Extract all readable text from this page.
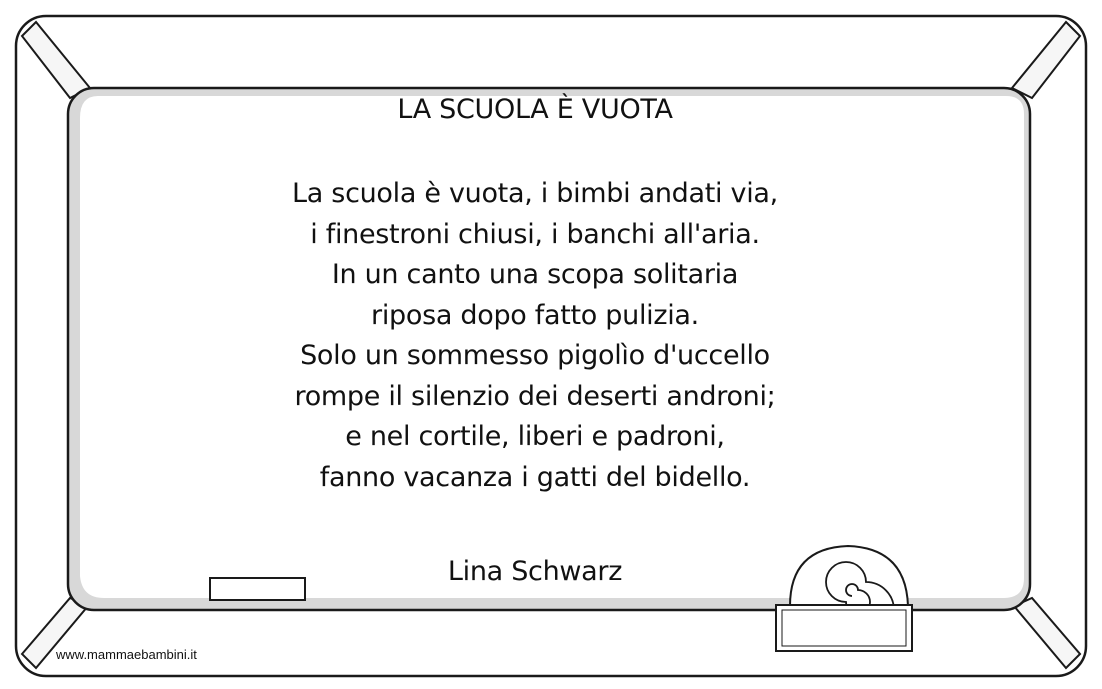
LA SCUOLA È VUOTA
La scuola è vuota, i bimbi andati via,
i finestroni chiusi, i banchi all'aria.
In un canto una scopa solitaria
riposa dopo fatto pulizia.
Solo un sommesso pigolìo d'uccello
rompe il silenzio dei deserti androni;
e nel cortile, liberi e padroni,
fanno vacanza i gatti del bidello.
Lina Schwarz
www.mammaebambini.it
